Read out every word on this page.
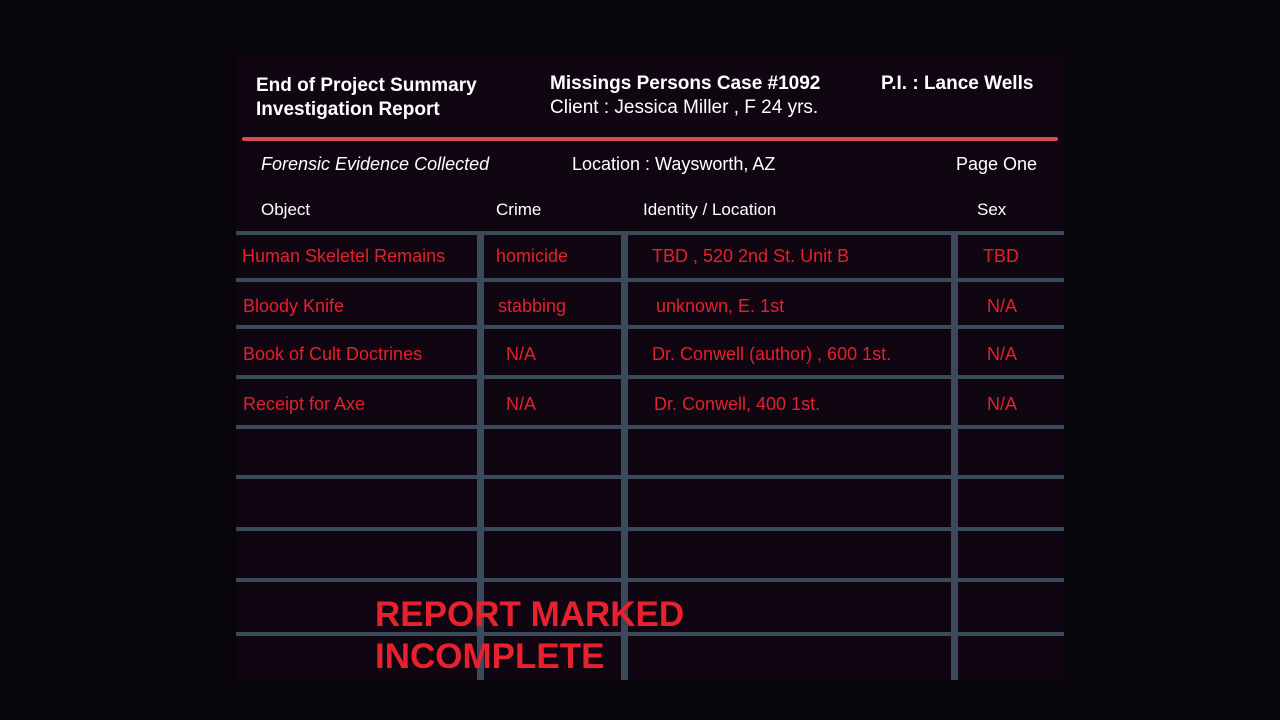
End of Project Summary
Investigation Report
Missings Persons Case #1092
Client : Jessica Miller , F 24 yrs.
P.I. : Lance Wells
Forensic Evidence Collected	Location : Waysworth, AZ	Page One
Object	Crime	Identity / Location	Sex
Human Skeletel Remains	homicide	TBD , 520 2nd St. Unit B	TBD
Bloody Knife	stabbing	unknown, E. 1st	N/A
Book of Cult Doctrines	N/A	Dr. Conwell (author) , 600 1st.	N/A
Receipt for Axe	N/A	Dr. Conwell, 400 1st.	N/A
REPORT MARKED
INCOMPLETE
